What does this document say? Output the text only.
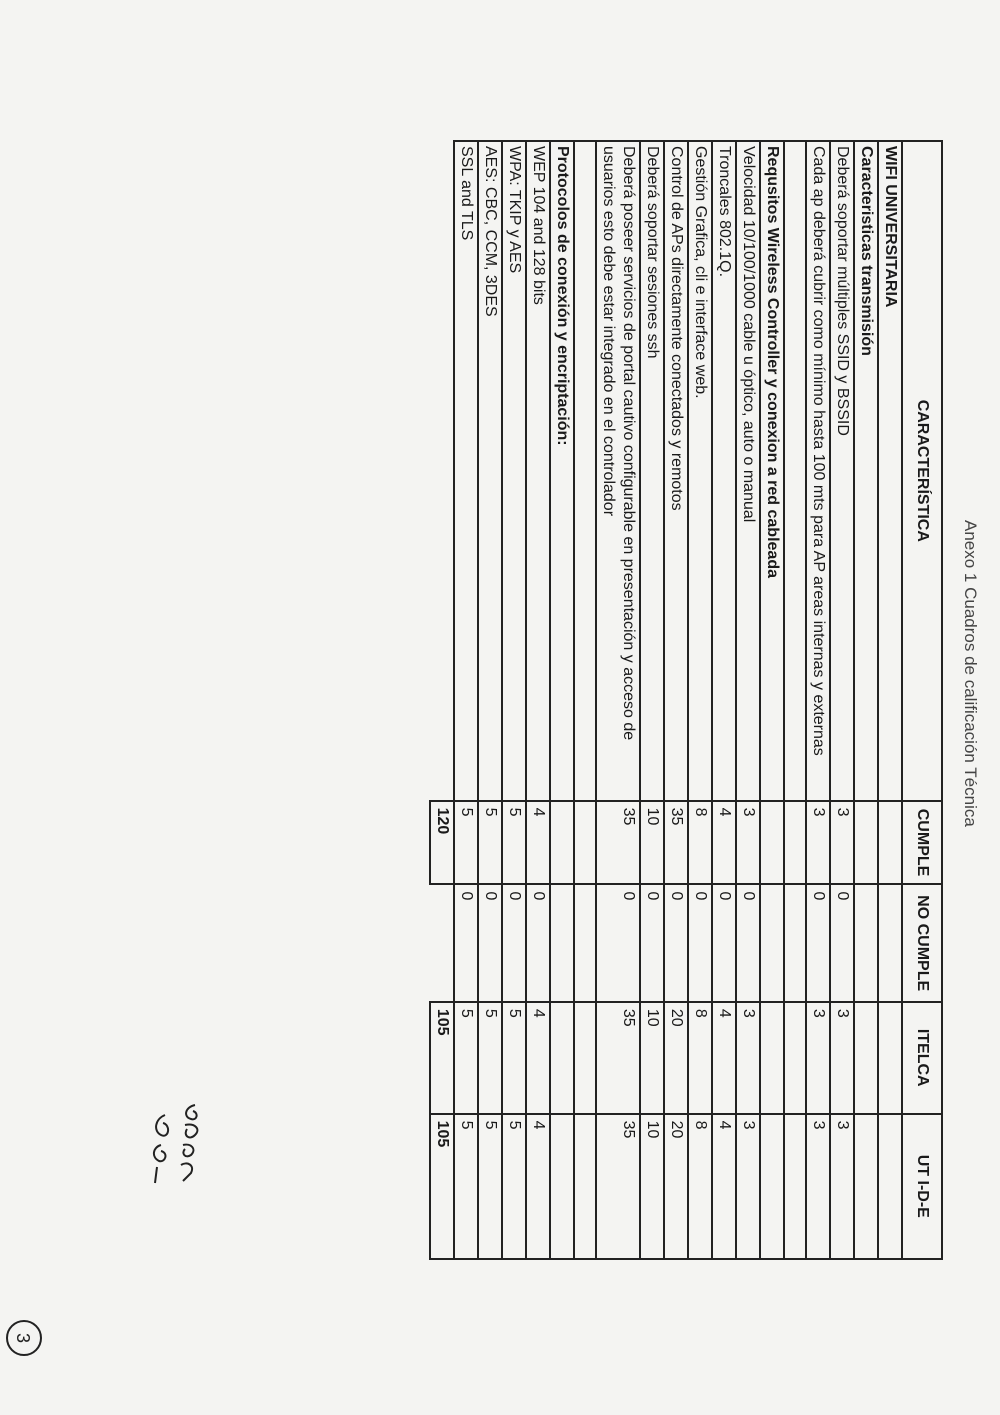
Anexo 1 Cuadros de calificación Técnica
CARACTERÍSTICA	CUMPLE	NO CUMPLE	ITELCA	UT I-D-E
WIFI UNIVERSITARIA				
Caracteristicas transmisión				
Deberá soportar múltiples SSID y BSSID	3	0	3	3
Cada ap deberá cubrir como mínimo hasta 100 mts para AP areas internas y externas	3	0	3	3

Requsitos Wireless Controller y conexion a red cableada				
Velocidad 10/100/1000 cable u óptico, auto o manual	3	0	3	3
Troncales 802.1Q.	4	0	4	4
Gestión Grafica, cli e interface web.	8	0	8	8
Control de APs directamente conectados y remotos	35	0	20	20
Deberá soportar sesiones ssh	10	0	10	10
Deberá poseer servicios de portal cautivo configurable en presentación y acceso de usuarios esto debe estar integrado en el controlador	35	0	35	35

Protocolos de conexión y encriptación:				
WEP 104 and 128 bits	4	0	4	4
WPA: TKIP y AES	5	0	5	5
AES: CBC, CCM, 3DES	5	0	5	5
SSL and TLS	5	0	5	5
	120		105	105
3
